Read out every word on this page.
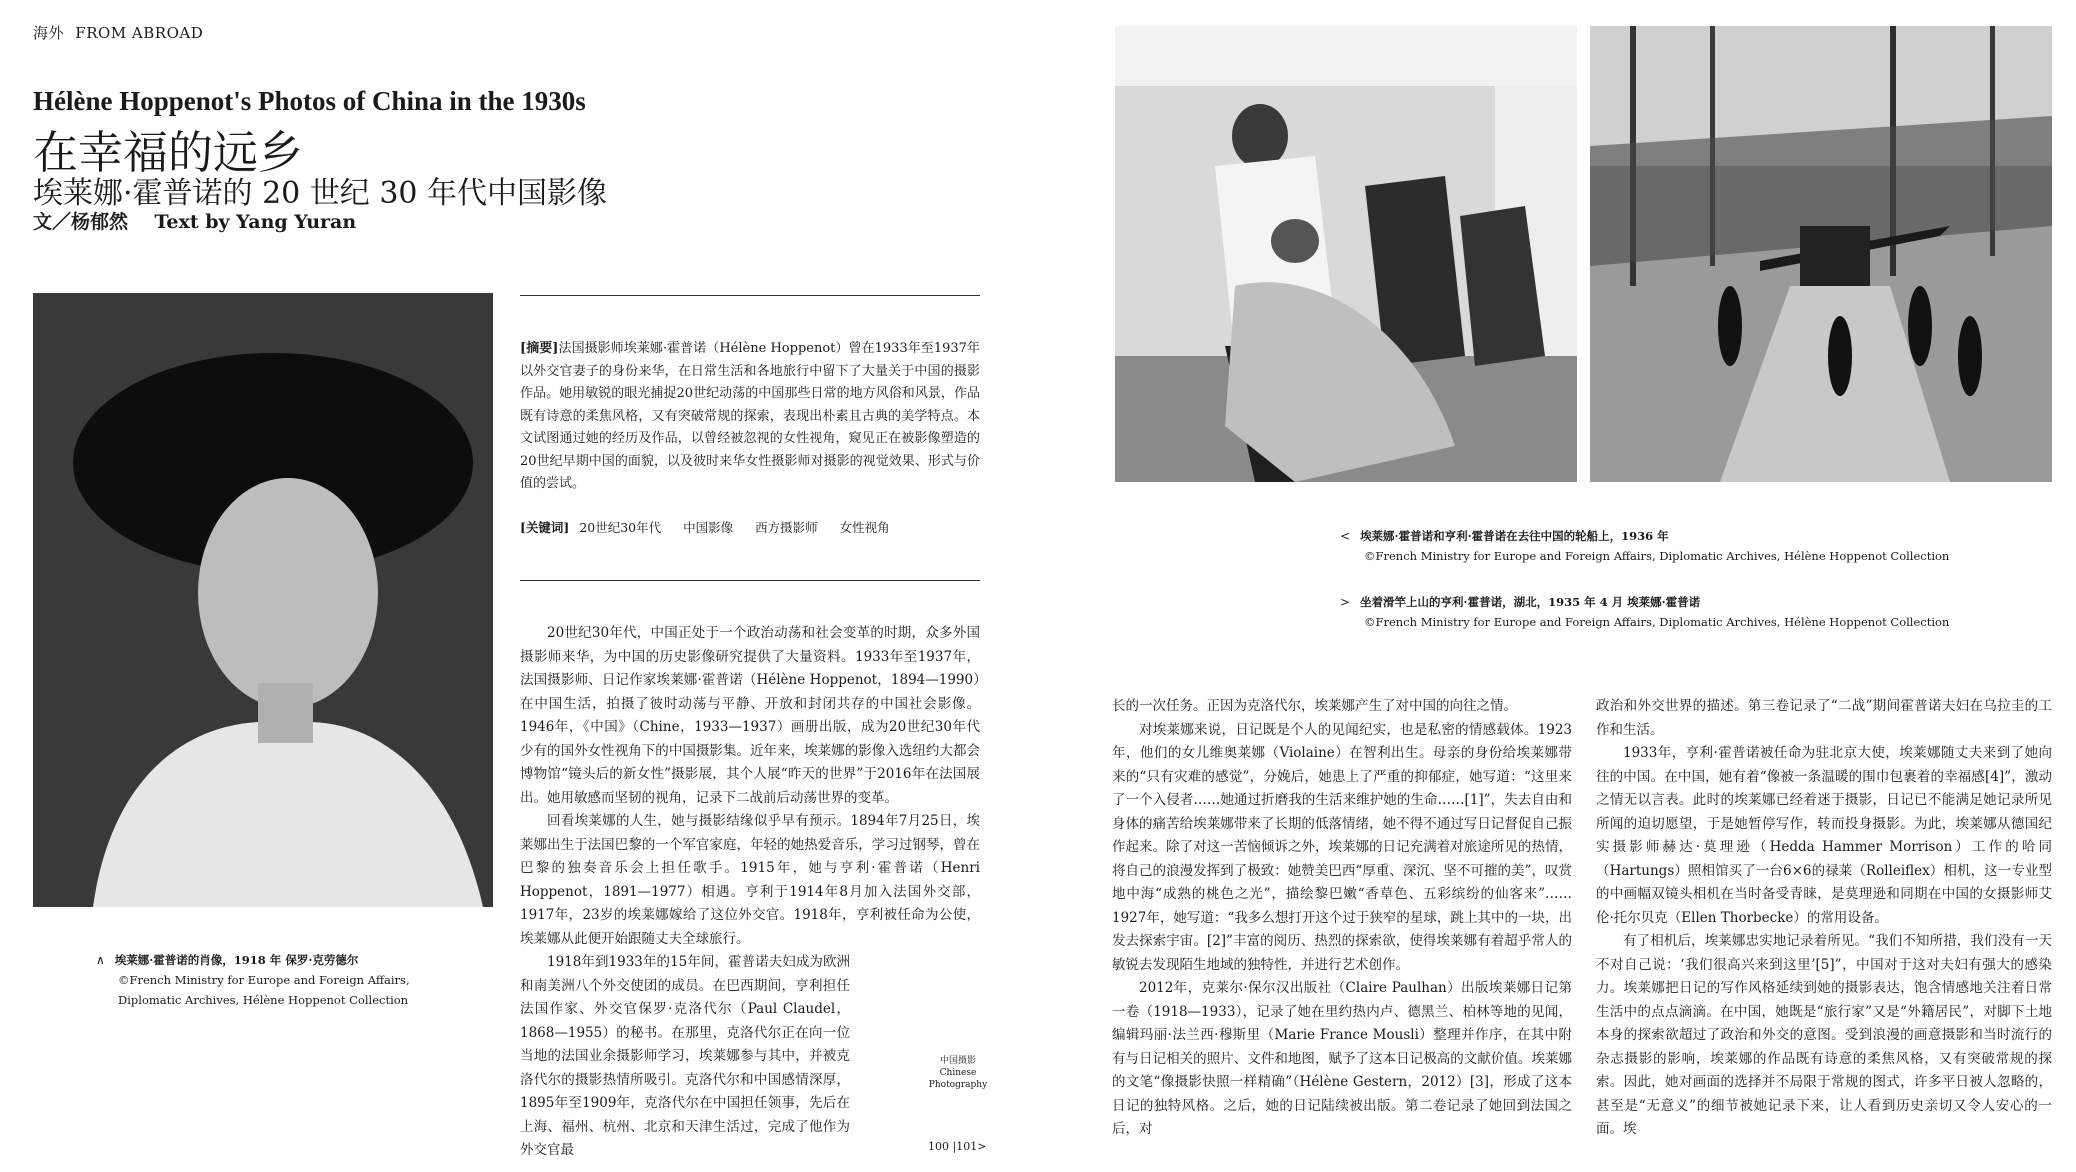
海外 FROM ABROAD
Hélène Hoppenot's Photos of China in the 1930s
在幸福的远乡
埃莱娜·霍普诺的 20 世纪 30 年代中国影像
文／杨郁然    Text by Yang Yuran
∧ 埃莱娜·霍普诺的肖像，1918 年 保罗·克劳德尔
©French Ministry for Europe and Foreign Affairs,
Diplomatic Archives, Hélène Hoppenot Collection
[摘要]法国摄影师埃莱娜·霍普诺（Hélène Hoppenot）曾在1933年至1937年以外交官妻子的身份来华，在日常生活和各地旅行中留下了大量关于中国的摄影作品。她用敏锐的眼光捕捉20世纪动荡的中国那些日常的地方风俗和风景，作品既有诗意的柔焦风格，又有突破常规的探索，表现出朴素且古典的美学特点。本文试图通过她的经历及作品，以曾经被忽视的女性视角，窥见正在被影像塑造的20世纪早期中国的面貌，以及彼时来华女性摄影师对摄影的视觉效果、形式与价值的尝试。
[关键词] 20世纪30年代 中国影像 西方摄影师 女性视角

20世纪30年代，中国正处于一个政治动荡和社会变革的时期，众多外国摄影师来华，为中国的历史影像研究提供了大量资料。1933年至1937年，法国摄影师、日记作家埃莱娜·霍普诺（Hélène Hoppenot，1894—1990）在中国生活，拍摄了彼时动荡与平静、开放和封闭共存的中国社会影像。1946年，《中国》（Chine，1933—1937）画册出版，成为20世纪30年代少有的国外女性视角下的中国摄影集。近年来，埃莱娜的影像入选纽约大都会博物馆“镜头后的新女性”摄影展，其个人展“昨天的世界”于2016年在法国展出。她用敏感而坚韧的视角，记录下二战前后动荡世界的变革。

回看埃莱娜的人生，她与摄影结缘似乎早有预示。1894年7月25日，埃莱娜出生于法国巴黎的一个军官家庭，年轻的她热爱音乐，学习过钢琴，曾在巴黎的独奏音乐会上担任歌手。1915年，她与亨利·霍普诺（Henri Hoppenot，1891—1977）相遇。亨利于1914年8月加入法国外交部，1917年，23岁的埃莱娜嫁给了这位外交官。1918年，亨利被任命为公使，埃莱娜从此便开始跟随丈夫全球旅行。

1918年到1933年的15年间，霍普诺夫妇成为欧洲和南美洲八个外交使团的成员。在巴西期间，亨利担任法国作家、外交官保罗·克洛代尔（Paul Claudel，1868—1955）的秘书。在那里，克洛代尔正在向一位当地的法国业余摄影师学习，埃莱娜参与其中，并被克洛代尔的摄影热情所吸引。克洛代尔和中国感情深厚，1895年至1909年，克洛代尔在中国担任领事，先后在上海、福州、杭州、北京和天津生活过，完成了他作为外交官最

中国摄影
Chinese
Photography
100 |101>
< 埃莱娜·霍普诺和亨利·霍普诺在去往中国的轮船上，1936 年
©French Ministry for Europe and Foreign Affairs, Diplomatic Archives, Hélène Hoppenot Collection
> 坐着滑竿上山的亨利·霍普诺，湖北，1935 年 4 月 埃莱娜·霍普诺
©French Ministry for Europe and Foreign Affairs, Diplomatic Archives, Hélène Hoppenot Collection

长的一次任务。正因为克洛代尔，埃莱娜产生了对中国的向往之情。

对埃莱娜来说，日记既是个人的见闻纪实，也是私密的情感载体。1923年，他们的女儿维奥莱娜（Violaine）在智利出生。母亲的身份给埃莱娜带来的“只有灾难的感觉”，分娩后，她患上了严重的抑郁症，她写道：“这里来了一个入侵者……她通过折磨我的生活来维护她的生命……[1]”，失去自由和身体的痛苦给埃莱娜带来了长期的低落情绪，她不得不通过写日记督促自己振作起来。除了对这一苦恼倾诉之外，埃莱娜的日记充满着对旅途所见的热情，将自己的浪漫发挥到了极致：她赞美巴西“厚重、深沉、坚不可摧的美”，叹赏地中海“成熟的桃色之光”，描绘黎巴嫩“香草色、五彩缤纷的仙客来”……1927年，她写道：“我多么想打开这个过于狭窄的星球，跳上其中的一块，出发去探索宇宙。[2]”丰富的阅历、热烈的探索欲，使得埃莱娜有着超乎常人的敏锐去发现陌生地域的独特性，并进行艺术创作。

2012年，克莱尔·保尔汉出版社（Claire Paulhan）出版埃莱娜日记第一卷（1918—1933），记录了她在里约热内卢、德黑兰、柏林等地的见闻，编辑玛丽·法兰西·穆斯里（Marie France Mousli）整理并作序，在其中附有与日记相关的照片、文件和地图，赋予了这本日记极高的文献价值。埃莱娜的文笔“像摄影快照一样精确”（Hélène Gestern，2012）[3]，形成了这本日记的独特风格。之后，她的日记陆续被出版。第二卷记录了她回到法国之后，对

政治和外交世界的描述。第三卷记录了“二战”期间霍普诺夫妇在乌拉圭的工作和生活。

1933年，亨利·霍普诺被任命为驻北京大使，埃莱娜随丈夫来到了她向往的中国。在中国，她有着“像被一条温暖的围巾包裹着的幸福感[4]”，激动之情无以言表。此时的埃莱娜已经着迷于摄影，日记已不能满足她记录所见所闻的迫切愿望，于是她暂停写作，转而投身摄影。为此，埃莱娜从德国纪实摄影师赫达·莫理逊（Hedda Hammer Morrison）工作的哈同（Hartungs）照相馆买了一台6×6的禄莱（Rolleiflex）相机，这一专业型的中画幅双镜头相机在当时备受青睐，是莫理逊和同期在中国的女摄影师艾伦·托尔贝克（Ellen Thorbecke）的常用设备。

有了相机后，埃莱娜忠实地记录着所见。“我们不知所措，我们没有一天不对自己说：‘我们很高兴来到这里’[5]”，中国对于这对夫妇有强大的感染力。埃莱娜把日记的写作风格延续到她的摄影表达，饱含情感地关注着日常生活中的点点滴滴。在中国，她既是“旅行家”又是“外籍居民”，对脚下土地本身的探索欲超过了政治和外交的意图。受到浪漫的画意摄影和当时流行的杂志摄影的影响，埃莱娜的作品既有诗意的柔焦风格，又有突破常规的探索。因此，她对画面的选择并不局限于常规的图式，许多平日被人忽略的，甚至是“无意义”的细节被她记录下来，让人看到历史亲切又令人安心的一面。埃
